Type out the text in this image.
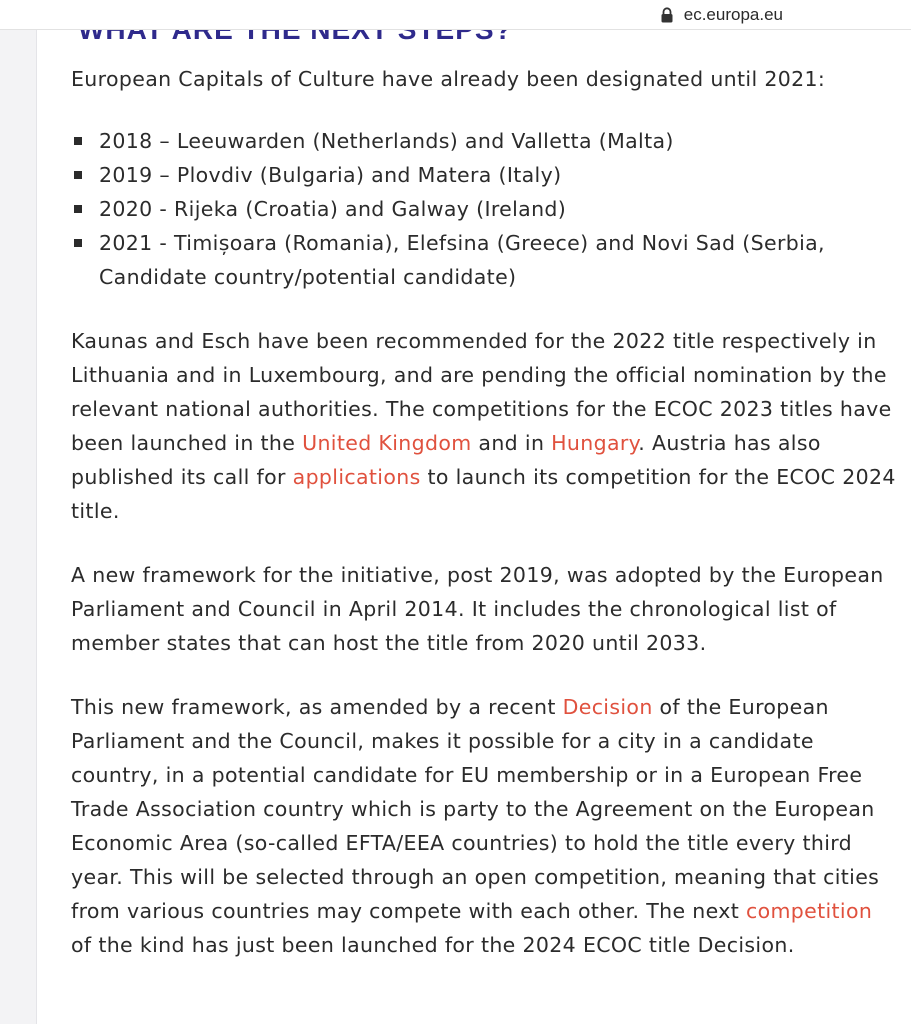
ec.europa.eu

European Capitals of Culture have already been designated until 2021:

2018 – Leeuwarden (Netherlands) and Valletta (Malta)
2019 – Plovdiv (Bulgaria) and Matera (Italy)
2020 - Rijeka (Croatia) and Galway (Ireland)
2021 - Timișoara (Romania), Elefsina (Greece) and Novi Sad (Serbia, Candidate country/potential candidate)

Kaunas and Esch have been recommended for the 2022 title respectively in Lithuania and in Luxembourg, and are pending the official nomination by the relevant national authorities. The competitions for the ECOC 2023 titles have been launched in the United Kingdom and in Hungary. Austria has also published its call for applications to launch its competition for the ECOC 2024 title.

A new framework for the initiative, post 2019, was adopted by the European Parliament and Council in April 2014. It includes the chronological list of member states that can host the title from 2020 until 2033.

This new framework, as amended by a recent Decision of the European Parliament and the Council, makes it possible for a city in a candidate country, in a potential candidate for EU membership or in a European Free Trade Association country which is party to the Agreement on the European Economic Area (so-called EFTA/EEA countries) to hold the title every third year. This will be selected through an open competition, meaning that cities from various countries may compete with each other. The next competition of the kind has just been launched for the 2024 ECOC title Decision.
